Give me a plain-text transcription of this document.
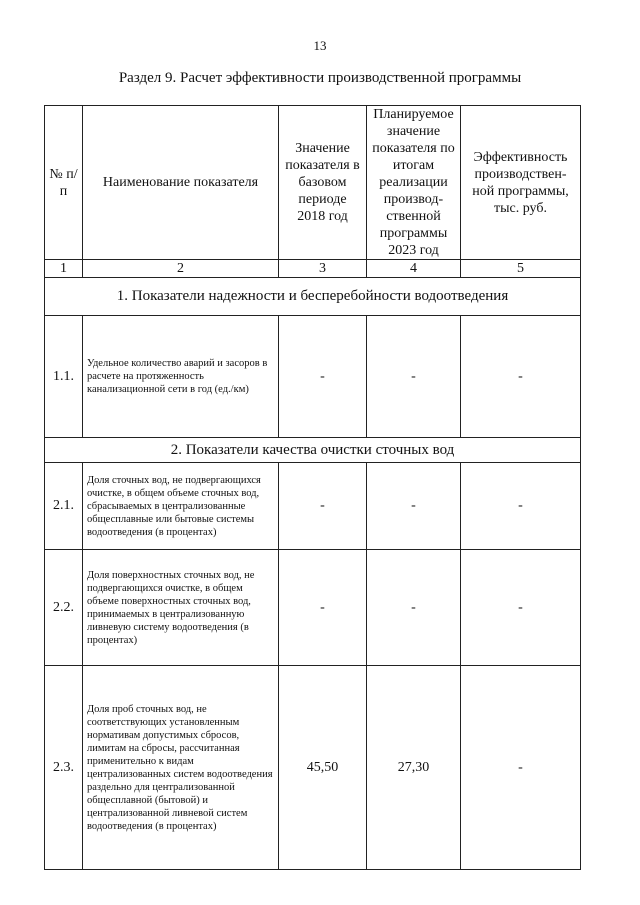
13
Раздел 9. Расчет эффективности производственной программы
№ п/п	Наименование показателя	Значение показателя в базовом периоде 2018 год	Планируемое значение показателя по итогам реализации производ-ственной программы 2023 год	Эффективность производствен-ной программы, тыс. руб.
1	2	3	4	5
1. Показатели надежности и бесперебойности водоотведения				
1.1.	Удельное количество аварий и засоров в расчете на протяженность канализационной сети в год (ед./км)	-	-	-
2. Показатели качества очистки сточных вод				
2.1.	Доля сточных вод, не подвергающихся очистке, в общем объеме сточных вод, сбрасываемых в централизованные общесплавные или бытовые системы водоотведения (в процентах)	-	-	-
2.2.	Доля поверхностных сточных вод, не подвергающихся очистке, в общем объеме поверхностных сточных вод, принимаемых в централизованную ливневую систему водоотведения (в процентах)	-	-	-
2.3.	Доля проб сточных вод, не соответствующих установленным нормативам допустимых сбросов, лимитам на сбросы, рассчитанная применительно к видам централизованных систем водоотведения раздельно для централизованной общесплавной (бытовой) и централизованной ливневой систем водоотведения (в процентах)	45,50	27,30	-
